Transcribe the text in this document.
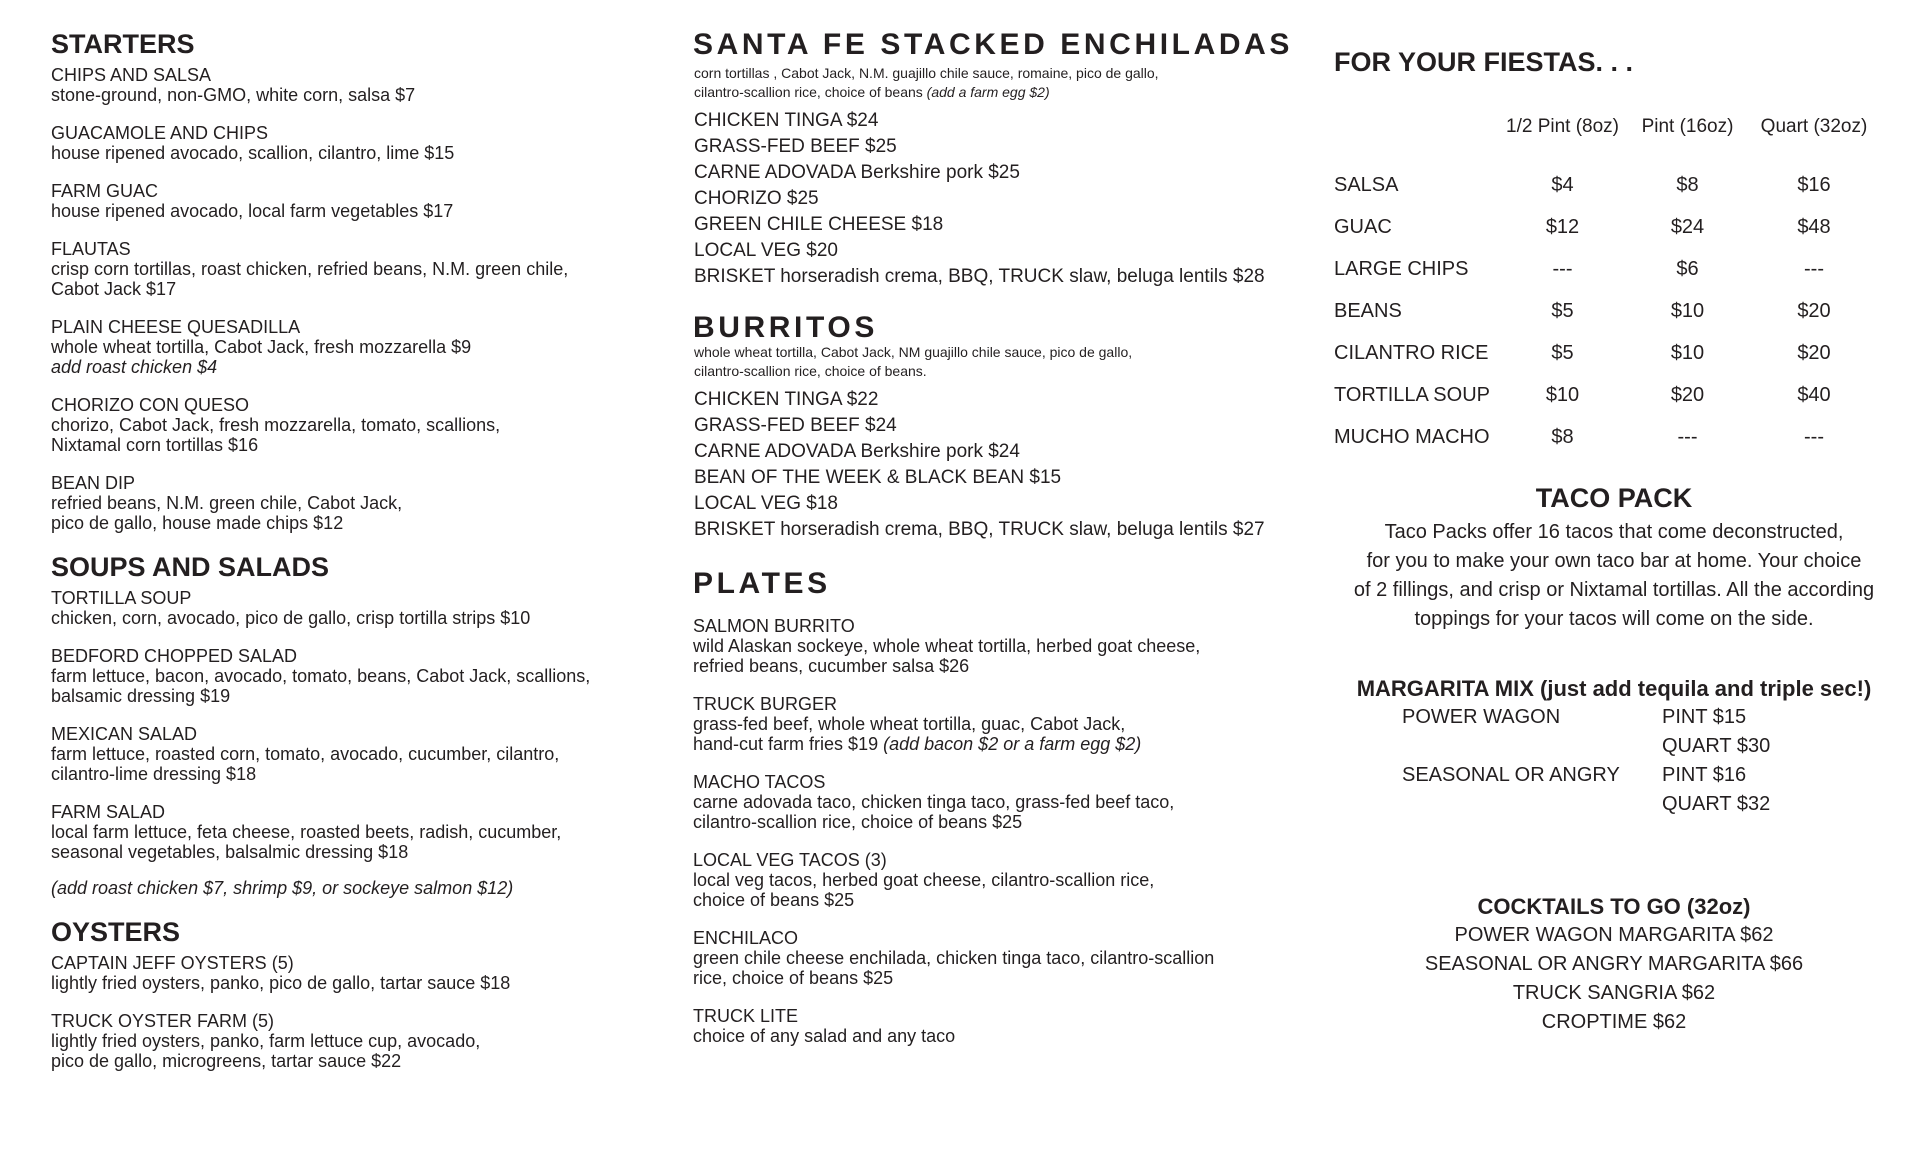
STARTERS
CHIPS AND SALSA
stone-ground, non-GMO, white corn, salsa $7
GUACAMOLE AND CHIPS
house ripened avocado, scallion, cilantro, lime $15
FARM GUAC
house ripened avocado, local farm vegetables $17
FLAUTAS
crisp corn tortillas, roast chicken, refried beans, N.M. green chile,
Cabot Jack $17
PLAIN CHEESE QUESADILLA
whole wheat tortilla, Cabot Jack, fresh mozzarella $9
add roast chicken $4
CHORIZO CON QUESO
chorizo, Cabot Jack, fresh mozzarella, tomato, scallions,
Nixtamal corn tortillas $16
BEAN DIP
refried beans, N.M. green chile, Cabot Jack,
pico de gallo, house made chips $12
SOUPS AND SALADS
TORTILLA SOUP
chicken, corn, avocado, pico de gallo, crisp tortilla strips $10
BEDFORD CHOPPED SALAD
farm lettuce, bacon, avocado, tomato, beans, Cabot Jack, scallions,
balsamic dressing $19
MEXICAN SALAD
farm lettuce, roasted corn, tomato, avocado, cucumber, cilantro,
cilantro-lime dressing $18
FARM SALAD
local farm lettuce, feta cheese, roasted beets, radish, cucumber,
seasonal vegetables, balsalmic dressing $18
(add roast chicken $7, shrimp $9, or sockeye salmon $12)
OYSTERS
CAPTAIN JEFF OYSTERS (5)
lightly fried oysters, panko, pico de gallo, tartar sauce $18
TRUCK OYSTER FARM (5)
lightly fried oysters, panko, farm lettuce cup, avocado,
pico de gallo, microgreens, tartar sauce $22
SANTA FE STACKED ENCHILADAS
corn tortillas , Cabot Jack, N.M. guajillo chile sauce, romaine, pico de gallo,
cilantro-scallion rice, choice of beans (add a farm egg $2)
CHICKEN TINGA $24
GRASS-FED BEEF $25
CARNE ADOVADA Berkshire pork $25
CHORIZO $25
GREEN CHILE CHEESE $18
LOCAL VEG $20
BRISKET horseradish crema, BBQ, TRUCK slaw, beluga lentils $28
BURRITOS
whole wheat tortilla, Cabot Jack, NM guajillo chile sauce, pico de gallo,
cilantro-scallion rice, choice of beans.
CHICKEN TINGA $22
GRASS-FED BEEF $24
CARNE ADOVADA Berkshire pork $24
BEAN OF THE WEEK & BLACK BEAN $15
LOCAL VEG $18
BRISKET horseradish crema, BBQ, TRUCK slaw, beluga lentils $27
PLATES
SALMON BURRITO
wild Alaskan sockeye, whole wheat tortilla, herbed goat cheese,
refried beans, cucumber salsa $26
TRUCK BURGER
grass-fed beef, whole wheat tortilla, guac, Cabot Jack,
hand-cut farm fries $19 (add bacon $2 or a farm egg $2)
MACHO TACOS
carne adovada taco, chicken tinga taco, grass-fed beef taco,
cilantro-scallion rice, choice of beans $25
LOCAL VEG TACOS (3)
local veg tacos, herbed goat cheese, cilantro-scallion rice,
choice of beans $25
ENCHILACO
green chile cheese enchilada, chicken tinga taco, cilantro-scallion
rice, choice of beans $25
TRUCK LITE
choice of any salad and any taco
FOR YOUR FIESTAS. . .
	1/2 Pint (8oz)	Pint (16oz)	Quart (32oz)
SALSA	$4	$8	$16
GUAC	$12	$24	$48
LARGE CHIPS	---	$6	---
BEANS	$5	$10	$20
CILANTRO RICE	$5	$10	$20
TORTILLA SOUP	$10	$20	$40
MUCHO MACHO	$8	---	---
TACO PACK
Taco Packs offer 16 tacos that come deconstructed,
for you to make your own taco bar at home. Your choice
of 2 fillings, and crisp or Nixtamal tortillas. All the according
toppings for your tacos will come on the side.
MARGARITA MIX (just add tequila and triple sec!)
POWER WAGON	PINT $15
QUART $30
SEASONAL OR ANGRY	PINT $16
QUART $32
COCKTAILS TO GO (32oz)
POWER WAGON MARGARITA $62
SEASONAL OR ANGRY MARGARITA $66
TRUCK SANGRIA $62
CROPTIME $62
